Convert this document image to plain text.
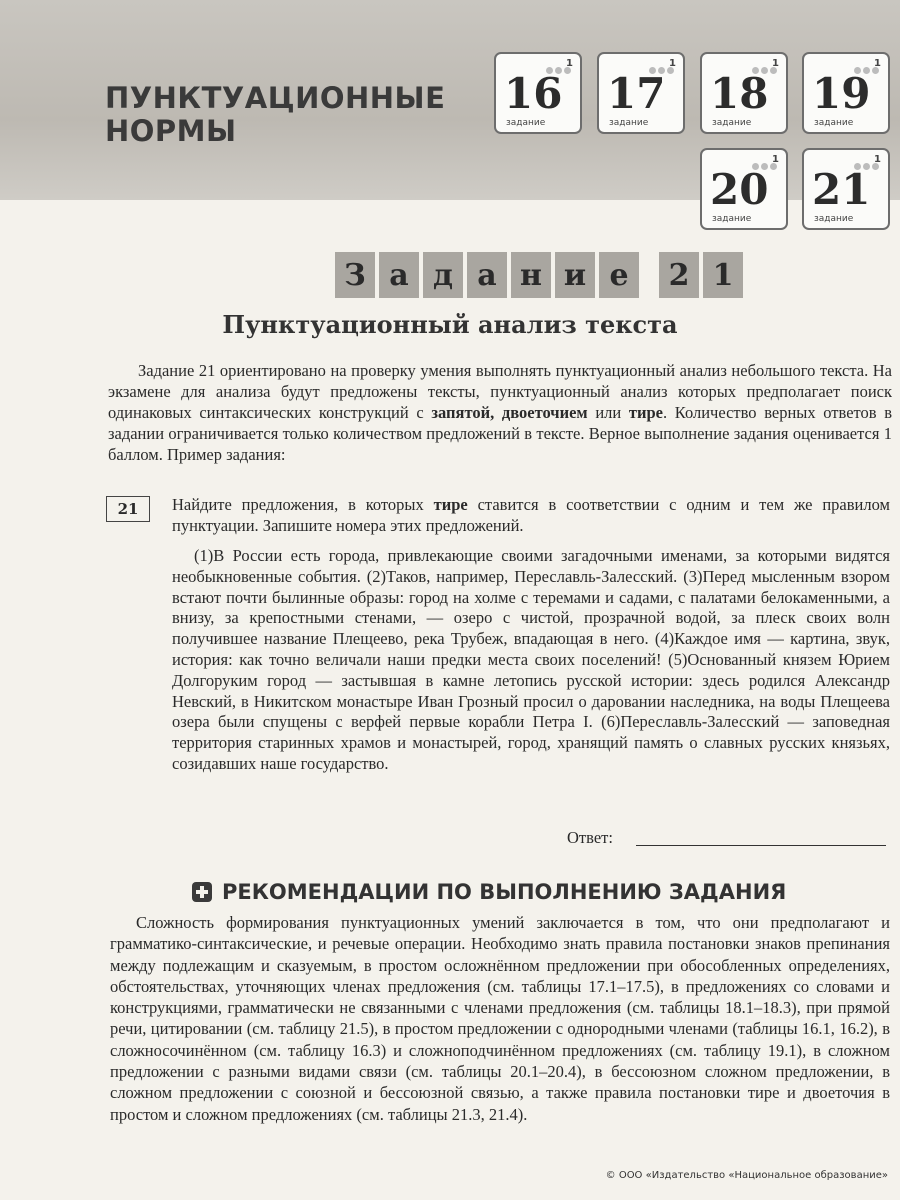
ПУНКТУАЦИОННЫЕ
НОРМЫ
1
16
задание
1
17
задание
1
18
задание
1
19
задание
1
20
задание
1
21
задание
З а д а н и е	2 1
Пунктуационный анализ текста

Задание 21 ориентировано на проверку умения выполнять пунктуационный анализ небольшого текста. На экзамене для анализа будут предложены тексты, пунктуационный анализ которых предполагает поиск одинаковых синтаксических конструкций с запятой, двоеточием или тире. Количество верных ответов в задании ограничивается только количеством предложений в тексте. Верное выполнение задания оценивается 1 баллом. Пример задания:

21	Найдите предложения, в которых тире ставится в соответствии с одним и тем же правилом пунктуации. Запишите номера этих предложений.

(1)В России есть города, привлекающие своими загадочными именами, за которыми видятся необыкновенные события. (2)Таков, например, Переславль-Залесский. (3)Перед мысленным взором встают почти былинные образы: город на холме с теремами и садами, с палатами белокаменными, а внизу, за крепостными стенами, — озеро с чистой, прозрачной водой, за плеск своих волн получившее название Плещеево, река Трубеж, впадающая в него. (4)Каждое имя — картина, звук, история: как точно величали наши предки места своих поселений! (5)Основанный князем Юрием Долгоруким город — застывшая в камне летопись русской истории: здесь родился Александр Невский, в Никитском монастыре Иван Грозный просил о даровании наследника, на воды Плещеева озера были спущены с верфей первые корабли Петра I. (6)Переславль-Залесский — заповедная территория старинных храмов и монастырей, город, хранящий память о славных русских князьях, созидавших наше государство.

Ответ:
РЕКОМЕНДАЦИИ ПО ВЫПОЛНЕНИЮ ЗАДАНИЯ

Сложность формирования пунктуационных умений заключается в том, что они предполагают и грамматико-синтаксические, и речевые операции. Необходимо знать правила постановки знаков препинания между подлежащим и сказуемым, в простом осложнённом предложении при обособленных определениях, обстоятельствах, уточняющих членах предложения (см. таблицы 17.1–17.5), в предложениях со словами и конструкциями, грамматически не связанными с членами предложения (см. таблицы 18.1–18.3), при прямой речи, цитировании (см. таблицу 21.5), в простом предложении с однородными членами (таблицы 16.1, 16.2), в сложносочинённом (см. таблицу 16.3) и сложноподчинённом предложениях (см. таблицу 19.1), в сложном предложении с разными видами связи (см. таблицы 20.1–20.4), в бессоюзном сложном предложении, в сложном предложении с союзной и бессоюзной связью, а также правила постановки тире и двоеточия в простом и сложном предложениях (см. таблицы 21.3, 21.4).

© ООО «Издательство «Национальное образование»
